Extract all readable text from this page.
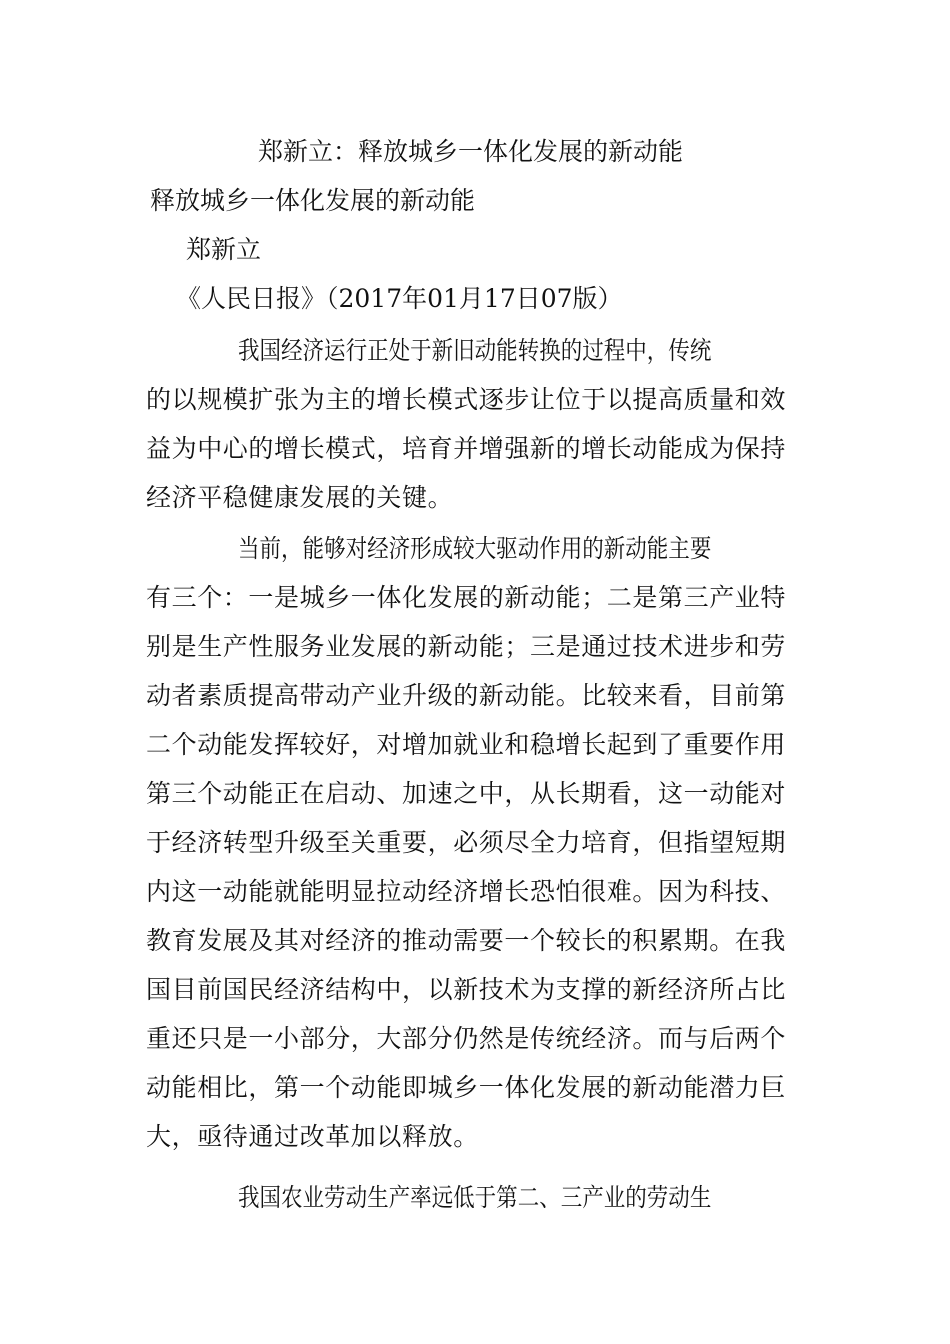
郑新立：释放城乡一体化发展的新动能
释放城乡一体化发展的新动能
郑新立
《人民日报》（2017年01月17日07版）
我国经济运行正处于新旧动能转换的过程中，传统
的以规模扩张为主的增长模式逐步让位于以提高质量和效
益为中心的增长模式，培育并增强新的增长动能成为保持
经济平稳健康发展的关键。
当前，能够对经济形成较大驱动作用的新动能主要
有三个：一是城乡一体化发展的新动能；二是第三产业特
别是生产性服务业发展的新动能；三是通过技术进步和劳
动者素质提高带动产业升级的新动能。比较来看，目前第
二个动能发挥较好，对增加就业和稳增长起到了重要作用
第三个动能正在启动、加速之中，从长期看，这一动能对
于经济转型升级至关重要，必须尽全力培育，但指望短期
内这一动能就能明显拉动经济增长恐怕很难。因为科技、
教育发展及其对经济的推动需要一个较长的积累期。在我
国目前国民经济结构中，以新技术为支撑的新经济所占比
重还只是一小部分，大部分仍然是传统经济。而与后两个
动能相比，第一个动能即城乡一体化发展的新动能潜力巨
大，亟待通过改革加以释放。
我国农业劳动生产率远低于第二、三产业的劳动生
